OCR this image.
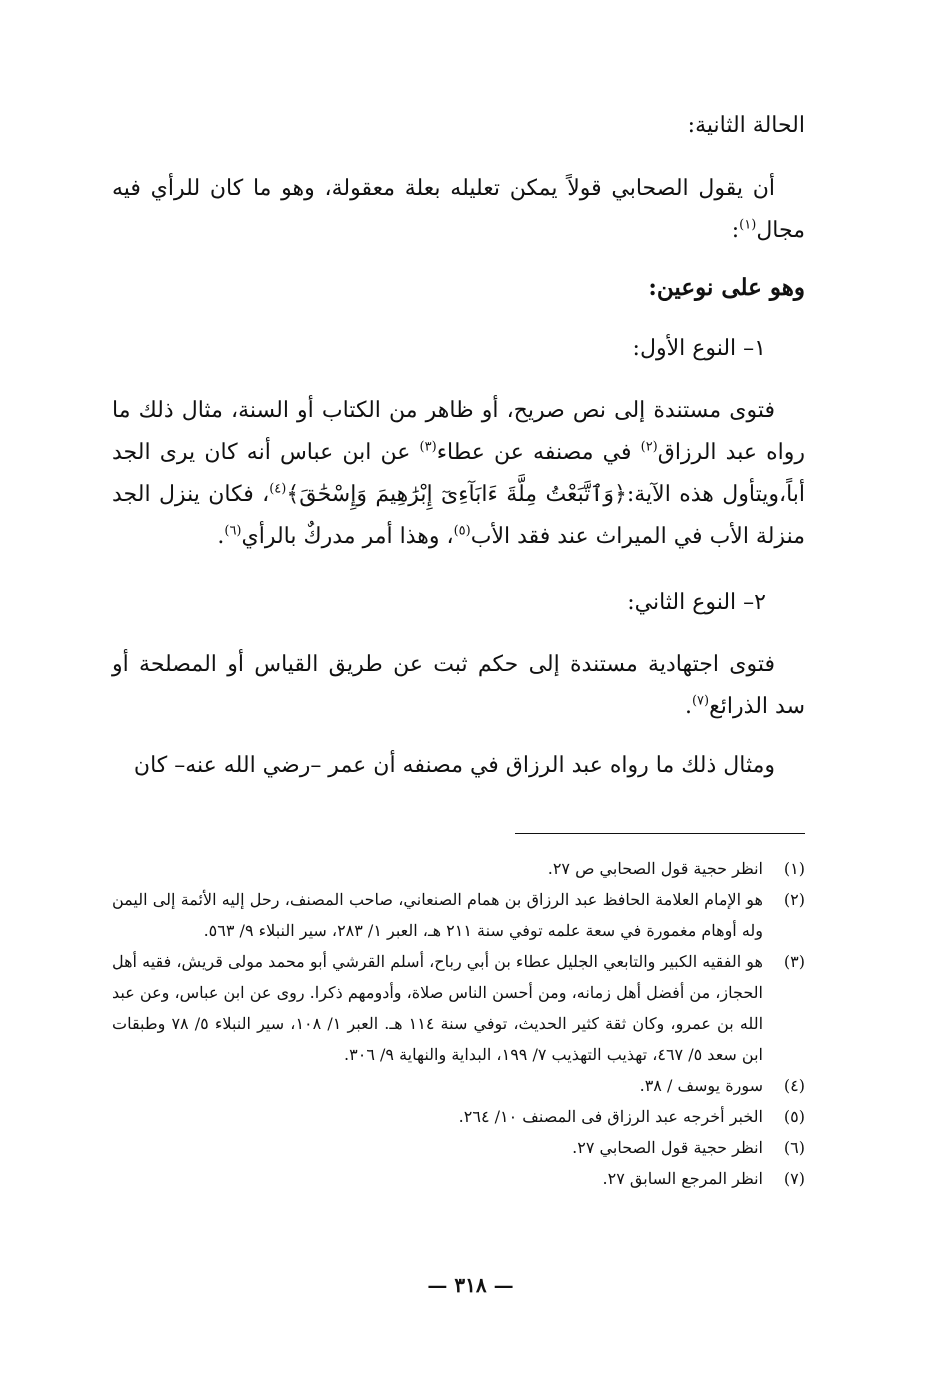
الحالة الثانية:
أن يقول الصحابي قولاً يمكن تعليله بعلة معقولة، وهو ما كان للرأي فيه مجال$^{(١)}$:
وهو على نوعين:
١– النوع الأول:
فتوى مستندة إلى نص صريح، أو ظاهر من الكتاب أو السنة، مثال ذلك ما رواه عبد الرزاق$^{(٢)}$ في مصنفه عن عطاء$^{(٣)}$ عن ابن عباس أنه كان يرى الجد أباً،ويتأول هذه الآية:﴿وَٱتَّبَعْتُ مِلَّةَ ءَابَآءِىٓ إِبْرَٰهِيمَ وَإِسْحَٰقَ﴾$^{(٤)}$، فكان ينزل الجد منزلة الأب في الميراث عند فقد الأب$^{(٥)}$، وهذا أمر مدركٌ بالرأي$^{(٦)}$.
٢– النوع الثاني:
فتوى اجتهادية مستندة إلى حكم ثبت عن طريق القياس أو المصلحة أو سد الذرائع$^{(٧)}$.
ومثال ذلك ما رواه عبد الرزاق في مصنفه أن عمر –رضي الله عنه– كان
(١)
انظر حجية قول الصحابي ص ٢٧.
(٢)
هو الإمام العلامة الحافظ عبد الرزاق بن همام الصنعاني، صاحب المصنف، رحل إليه الأئمة إلى اليمن وله أوهام مغمورة في سعة علمه توفي سنة ٢١١ هـ، العبر ١/ ٢٨٣، سير النبلاء ٩/ ٥٦٣.
(٣)
هو الفقيه الكبير والتابعي الجليل عطاء بن أبي رباح، أسلم القرشي أبو محمد مولى قريش، فقيه أهل الحجاز، من أفضل أهل زمانه، ومن أحسن الناس صلاة، وأدومهم ذكرا. روى عن ابن عباس، وعن عبد الله بن عمرو، وكان ثقة كثير الحديث، توفي سنة ١١٤ هـ. العبر ١/ ١٠٨، سير النبلاء ٥/ ٧٨ وطبقات ابن سعد ٥/ ٤٦٧، تهذيب التهذيب ٧/ ١٩٩، البداية والنهاية ٩/ ٣٠٦.
(٤)
سورة يوسف / ٣٨.
(٥)
الخبر أخرجه عبد الرزاق فى المصنف ١٠/ ٢٦٤.
(٦)
انظر حجية قول الصحابي ٢٧.
(٧)
انظر المرجع السابق ٢٧.
— ٣١٨ —
